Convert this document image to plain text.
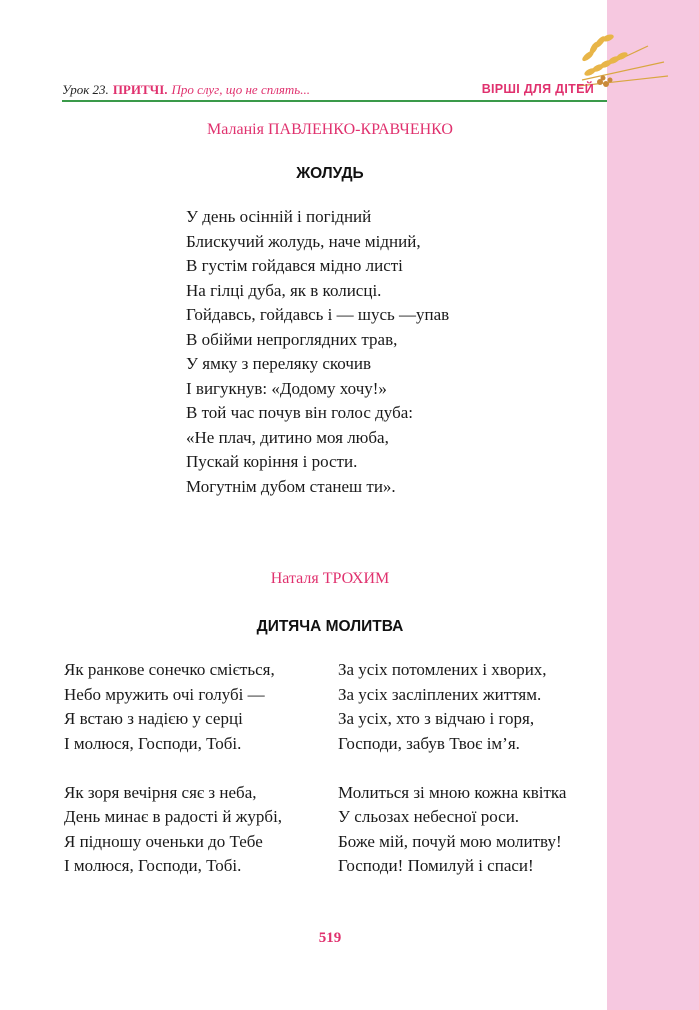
Урок 23. ПРИТЧІ. Про слуг, що не сплять...	ВІРШІ ДЛЯ ДІТЕЙ
Маланія ПАВЛЕНКО-КРАВЧЕНКО
ЖОЛУДЬ
У день осінній і погідний
Блискучий жолудь, наче мідний,
В густім гойдався мідно листі
На гілці дуба, як в колисці.
Гойдавсь, гойдавсь і — шусь —упав
В обійми непроглядних трав,
У ямку з переляку скочив
І вигукнув: «Додому хочу!»
В той час почув він голос дуба:
«Не плач, дитино моя люба,
Пускай коріння і рости.
Могутнім дубом станеш ти».
Наталя ТРОХИМ
ДИТЯЧА МОЛИТВА
Як ранкове сонечко сміється,
Небо мружить очі голубі —
Я встаю з надією у серці
І молюся, Господи, Тобі.
Як зоря вечірня сяє з неба,
День минає в радості й журбі,
Я підношу оченьки до Тебе
І молюся, Господи, Тобі.
За усіх потомлених і хворих,
За усіх засліплених життям.
За усіх, хто з відчаю і горя,
Господи, забув Твоє ім’я.
Молиться зі мною кожна квітка
У сльозах небесної роси.
Боже мій, почуй мою молитву!
Господи! Помилуй і спаси!
519
